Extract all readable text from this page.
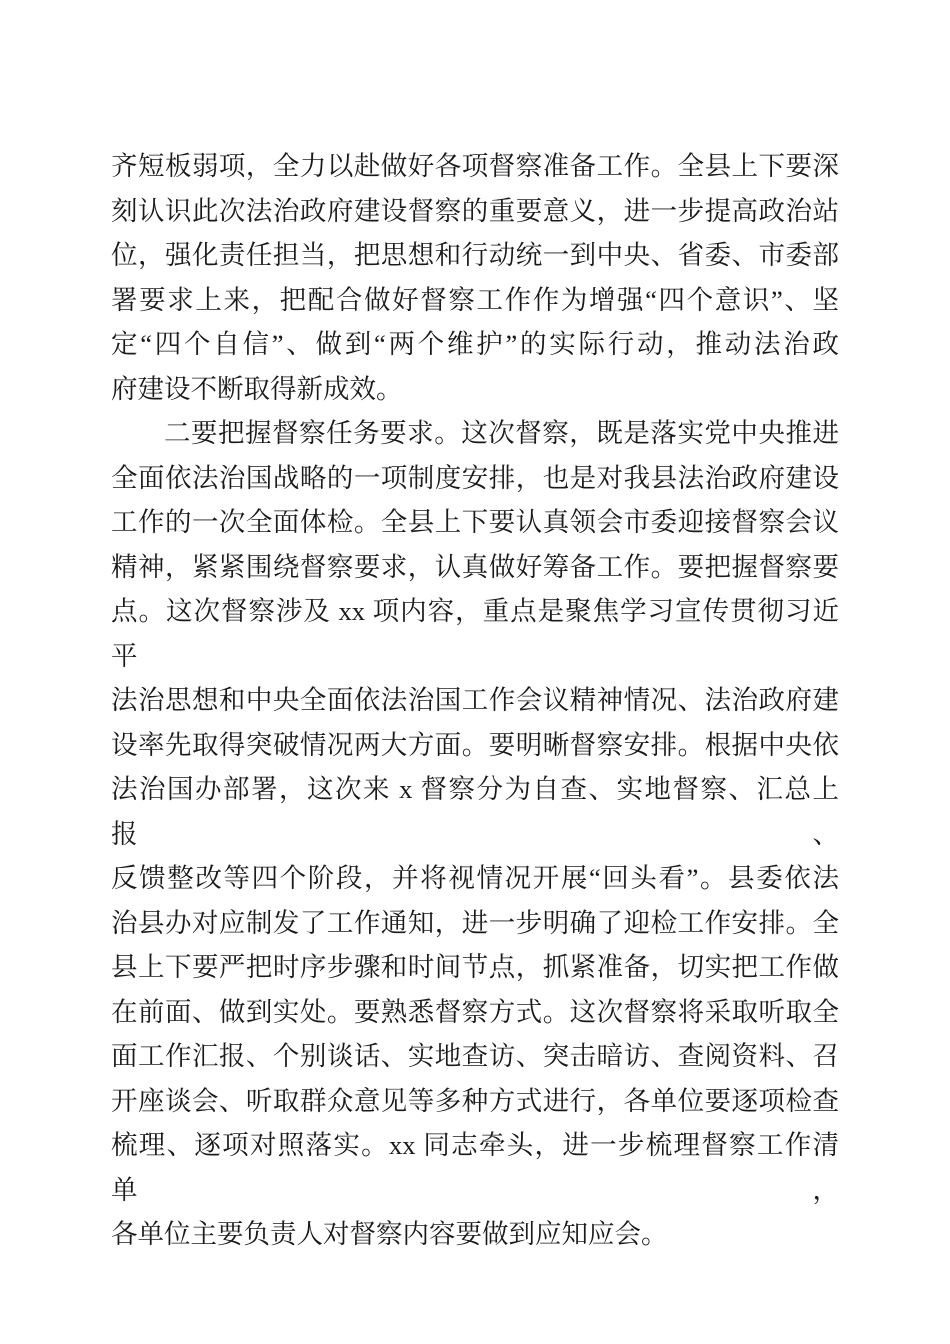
齐短板弱项，全力以赴做好各项督察准备工作。全县上下要深
刻认识此次法治政府建设督察的重要意义，进一步提高政治站
位，强化责任担当，把思想和行动统一到中央、省委、市委部
署要求上来，把配合做好督察工作作为增强“四个意识”、坚
定“四个自信”、做到“两个维护”的实际行动，推动法治政
府建设不断取得新成效。
二要把握督察任务要求。这次督察，既是落实党中央推进
全面依法治国战略的一项制度安排，也是对我县法治政府建设
工作的一次全面体检。全县上下要认真领会市委迎接督察会议
精神，紧紧围绕督察要求，认真做好筹备工作。要把握督察要
点。这次督察涉及 xx 项内容，重点是聚焦学习宣传贯彻习近平
法治思想和中央全面依法治国工作会议精神情况、法治政府建
设率先取得突破情况两大方面。要明晰督察安排。根据中央依
法治国办部署，这次来 x 督察分为自查、实地督察、汇总上报、
反馈整改等四个阶段，并将视情况开展“回头看”。县委依法
治县办对应制发了工作通知，进一步明确了迎检工作安排。全
县上下要严把时序步骤和时间节点，抓紧准备，切实把工作做
在前面、做到实处。要熟悉督察方式。这次督察将采取听取全
面工作汇报、个别谈话、实地查访、突击暗访、查阅资料、召
开座谈会、听取群众意见等多种方式进行，各单位要逐项检查
梳理、逐项对照落实。xx 同志牵头，进一步梳理督察工作清单，
各单位主要负责人对督察内容要做到应知应会。
